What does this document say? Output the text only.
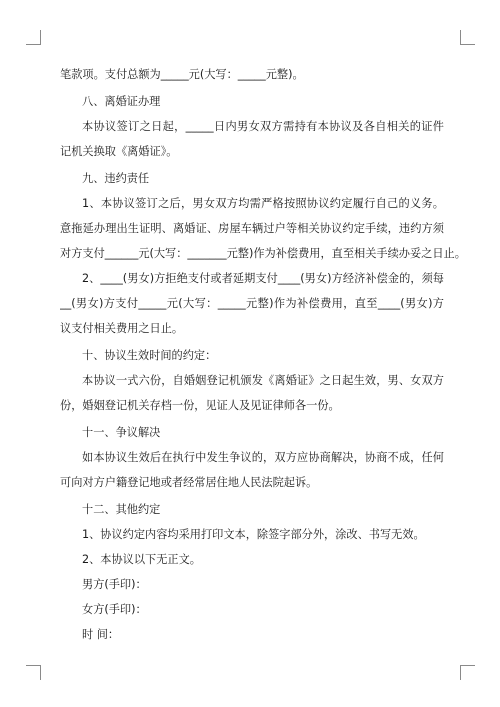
笔款项。支付总额为_____元(大写：_____元整)。
八、离婚证办理
本协议签订之日起，_____日内男女双方需持有本协议及各自相关的证件
记机关换取《离婚证》。
九、违约责任
1、本协议签订之后，男女双方均需严格按照协议约定履行自己的义务。
意拖延办理出生证明、离婚证、房屋车辆过户等相关协议约定手续，违约方须
对方支付______元(大写：_______元整)作为补偿费用，直至相关手续办妥之日止。
2、____(男女)方拒绝支付或者延期支付____(男女)方经济补偿金的，须每
__(男女)方支付_____元(大写：_____元整)作为补偿费用，直至____(男女)方
议支付相关费用之日止。
十、协议生效时间的约定：
本协议一式六份，自婚姻登记机颁发《离婚证》之日起生效，男、女双方
份，婚姻登记机关存档一份，见证人及见证律师各一份。
十一、争议解决
如本协议生效后在执行中发生争议的，双方应协商解决，协商不成，任何
可向对方户籍登记地或者经常居住地人民法院起诉。
十二、其他约定
1、协议约定内容均采用打印文本，除签字部分外，涂改、书写无效。
2、本协议以下无正文。
男方(手印)：
女方(手印)：
时 间：
